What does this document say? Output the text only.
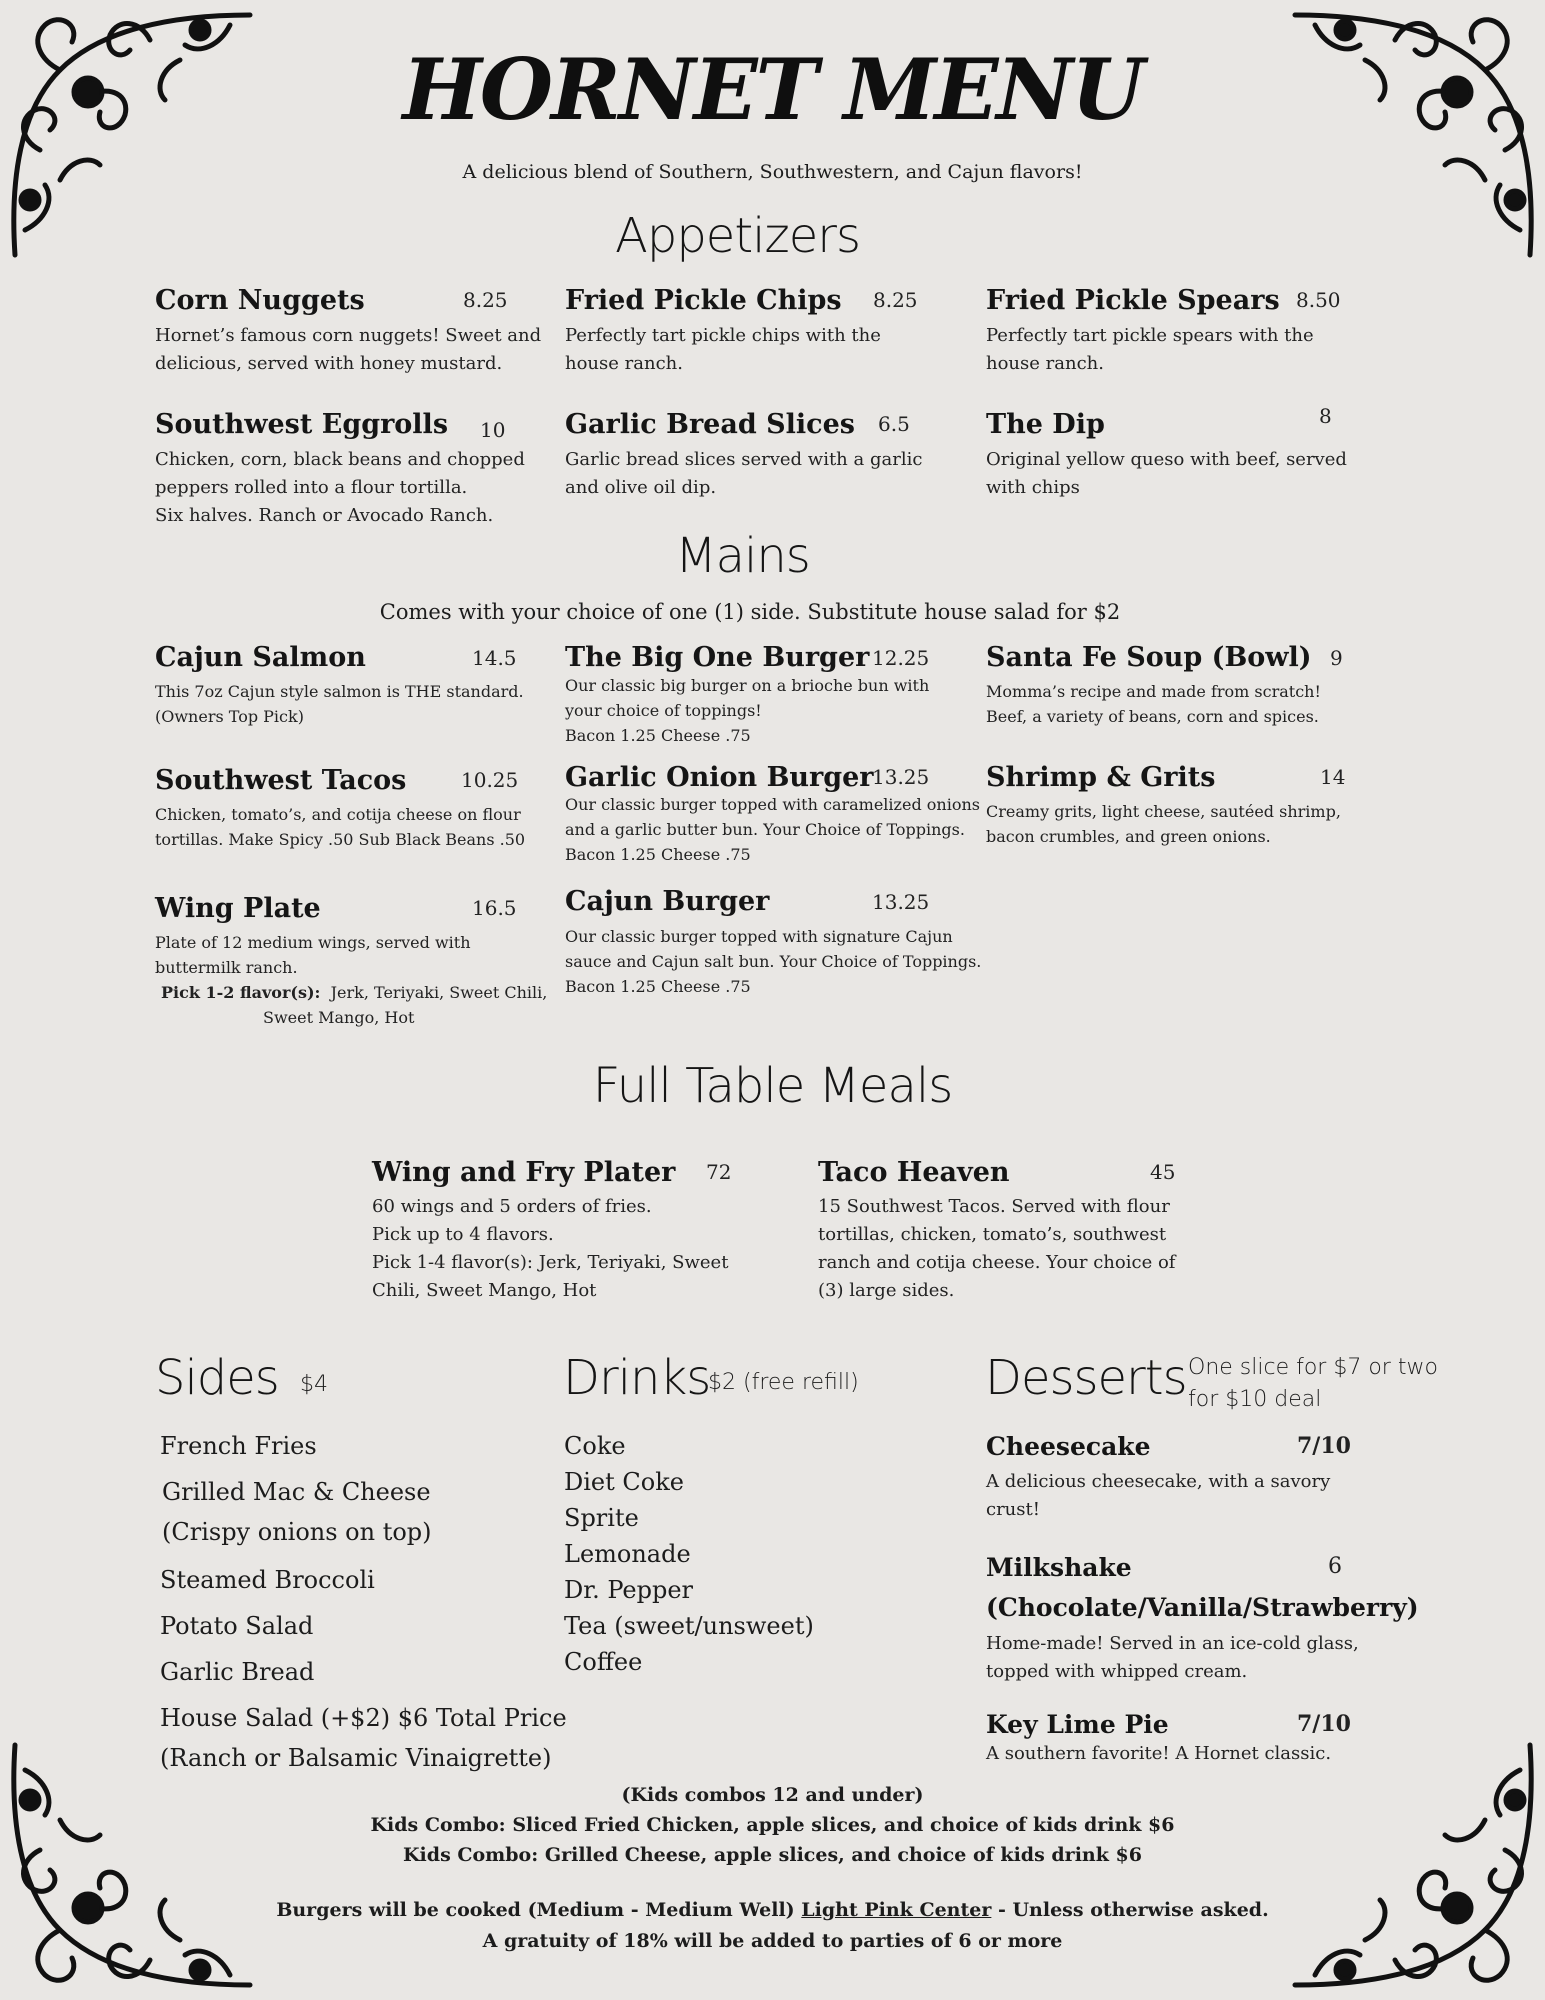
HORNET MENU
A delicious blend of Southern, Southwestern, and Cajun flavors!
Appetizers
Corn Nuggets	8.25
Hornet’s famous corn nuggets! Sweet and
delicious, served with honey mustard.
Fried Pickle Chips 8.25
Perfectly tart pickle chips with the
house ranch.
Fried Pickle Spears 8.50
Perfectly tart pickle spears with the
house ranch.
Southwest Eggrolls 10
Chicken, corn, black beans and chopped
peppers rolled into a flour tortilla.
Six halves. Ranch or Avocado Ranch.
Garlic Bread Slices 6.5
Garlic bread slices served with a garlic
and olive oil dip.
The Dip	8
Original yellow queso with beef, served
with chips
Mains
Comes with your choice of one (1) side. Substitute house salad for $2
Cajun Salmon	14.5
This 7oz Cajun style salmon is THE standard.
(Owners Top Pick)
The Big One Burger 12.25
Our classic big burger on a brioche bun with
your choice of toppings!
Bacon 1.25 Cheese .75
Santa Fe Soup (Bowl) 9
Momma’s recipe and made from scratch!
Beef, a variety of beans, corn and spices.
Southwest Tacos	10.25
Chicken, tomato’s, and cotija cheese on flour
tortillas. Make Spicy .50 Sub Black Beans .50
Garlic Onion Burger
13.25
Our classic burger topped with caramelized onions
and a garlic butter bun. Your Choice of Toppings.
Bacon 1.25 Cheese .75
Shrimp & Grits	14
Creamy grits, light cheese, sautéed shrimp,
bacon crumbles, and green onions.
Wing Plate	16.5
Plate of 12 medium wings, served with
buttermilk ranch.
Pick 1-2 flavor(s): Jerk, Teriyaki, Sweet Chili,
Sweet Mango, Hot
Cajun Burger	13.25
Our classic burger topped with signature Cajun
sauce and Cajun salt bun. Your Choice of Toppings.
Bacon 1.25 Cheese .75
Full Table Meals
Wing and Fry Plater 72
60 wings and 5 orders of fries.
Pick up to 4 flavors.
Pick 1-4 flavor(s): Jerk, Teriyaki, Sweet
Chili, Sweet Mango, Hot
Taco Heaven	45
15 Southwest Tacos. Served with flour
tortillas, chicken, tomato’s, southwest
ranch and cotija cheese. Your choice of
(3) large sides.
Sides $4
French Fries
Grilled Mac & Cheese
(Crispy onions on top)
Steamed Broccoli
Potato Salad
Garlic Bread
House Salad (+$2) $6 Total Price
(Ranch or Balsamic Vinaigrette)
Drinks
$2 (free refill)
Coke
Diet Coke
Sprite
Lemonade
Dr. Pepper
Tea (sweet/unsweet)
Coffee
Desserts One slice for $7 or two
for $10 deal
Cheesecake	7/10
A delicious cheesecake, with a savory
crust!
Milkshake	6
(Chocolate/Vanilla/Strawberry)
Home-made! Served in an ice-cold glass,
topped with whipped cream.
Key Lime Pie	7/10
A southern favorite! A Hornet classic.
(Kids combos 12 and under)
Kids Combo: Sliced Fried Chicken, apple slices, and choice of kids drink $6
Kids Combo: Grilled Cheese, apple slices, and choice of kids drink $6
Burgers will be cooked (Medium - Medium Well) Light Pink Center - Unless otherwise asked.
A gratuity of 18% will be added to parties of 6 or more
